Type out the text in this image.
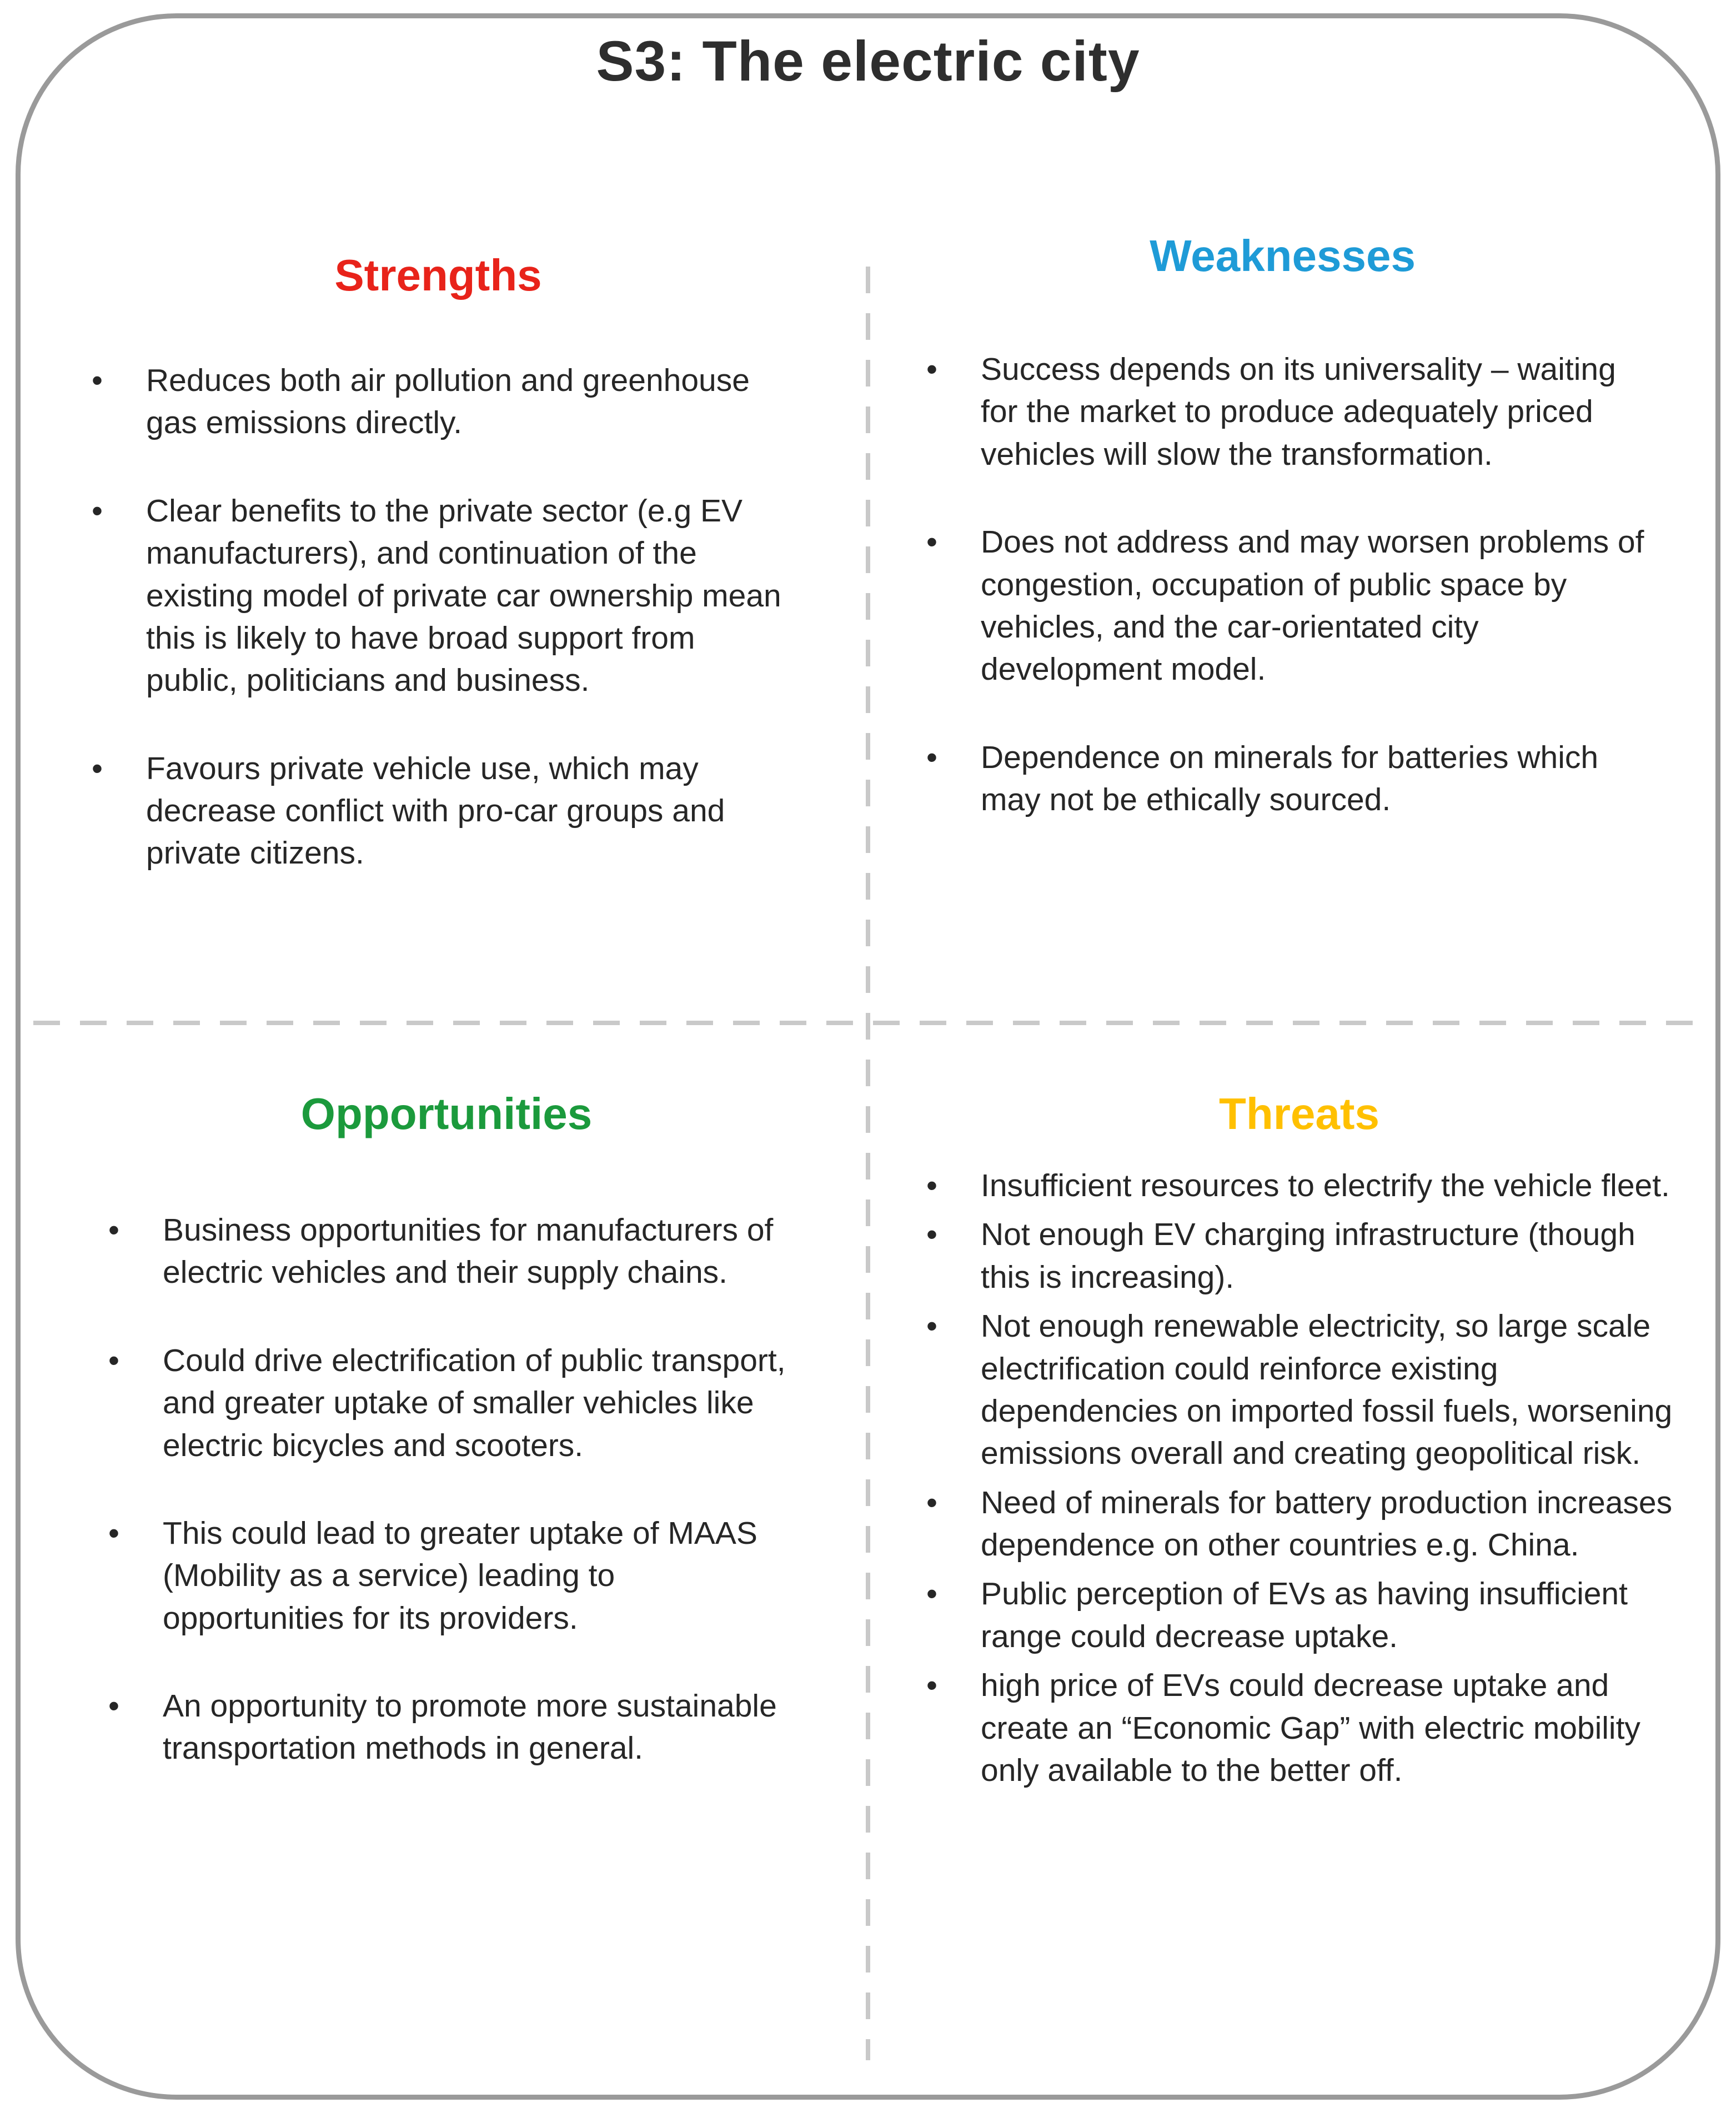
S3: The electric city
Strengths
• Reduces both air pollution and greenhouse gas emissions directly.
• Clear benefits to the private sector (e.g EV manufacturers), and continuation of the existing model of private car ownership mean this is likely to have broad support from public, politicians and business.
• Favours private vehicle use, which may decrease conflict with pro-car groups and private citizens.
Weaknesses
• Success depends on its universality – waiting for the market to produce adequately priced vehicles will slow the transformation.
• Does not address and may worsen problems of congestion, occupation of public space by vehicles, and the car-orientated city development model.
• Dependence on minerals for batteries which may not be ethically sourced.
Opportunities
• Business opportunities for manufacturers of electric vehicles and their supply chains.
• Could drive electrification of public transport, and greater uptake of smaller vehicles like electric bicycles and scooters.
• This could lead to greater uptake of MAAS (Mobility as a service) leading to opportunities for its providers.
• An opportunity to promote more sustainable transportation methods in general.
Threats
• Insufficient resources to electrify the vehicle fleet.
• Not enough EV charging infrastructure (though this is increasing).
• Not enough renewable electricity, so large scale electrification could reinforce existing dependencies on imported fossil fuels, worsening emissions overall and creating geopolitical risk.
• Need of minerals for battery production increases dependence on other countries e.g. China.
• Public perception of EVs as having insufficient range could decrease uptake.
• high price of EVs could decrease uptake and create an “Economic Gap” with electric mobility only available to the better off.
